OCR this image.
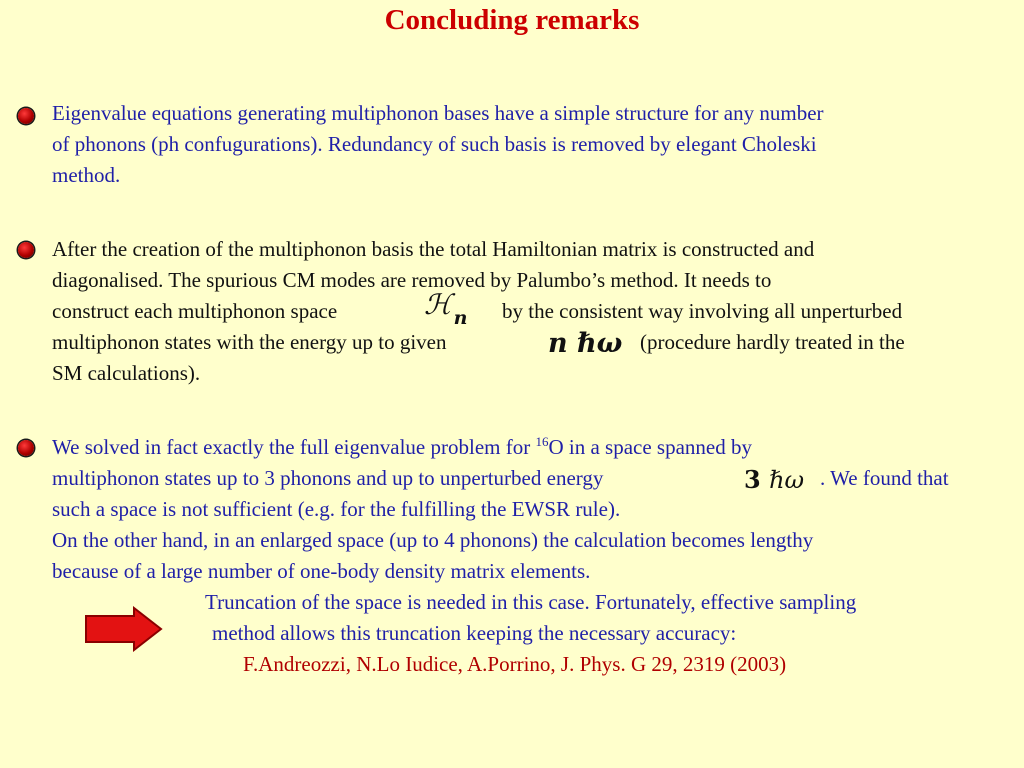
Concluding remarks
Eigenvalue equations generating multiphonon bases have a simple structure for any number
of phonons (ph confugurations). Redundancy of such basis is removed by elegant Choleski
method.
After the creation of the multiphonon basis the total Hamiltonian matrix is constructed and
diagonalised. The spurious CM modes are removed by Palumbo’s method. It needs to
construct each multiphonon space	ℋ n by the consistent way involving all unperturbed
multiphonon states with the energy up to given	n ℏω (procedure hardly treated in the
SM calculations).
We solved in fact exactly the full eigenvalue problem for $^{16}$O in a space spanned by
multiphonon states up to 3 phonons and up to unperturbed energy	3 ℏω . We found that
such a space is not sufficient (e.g. for the fulfilling the EWSR rule).
On the other hand, in an enlarged space (up to 4 phonons) the calculation becomes lengthy
because of a large number of one-body density matrix elements.
Truncation of the space is needed in this case. Fortunately, effective sampling
method allows this truncation keeping the necessary accuracy:
F.Andreozzi, N.Lo Iudice, A.Porrino, J. Phys. G 29, 2319 (2003)
